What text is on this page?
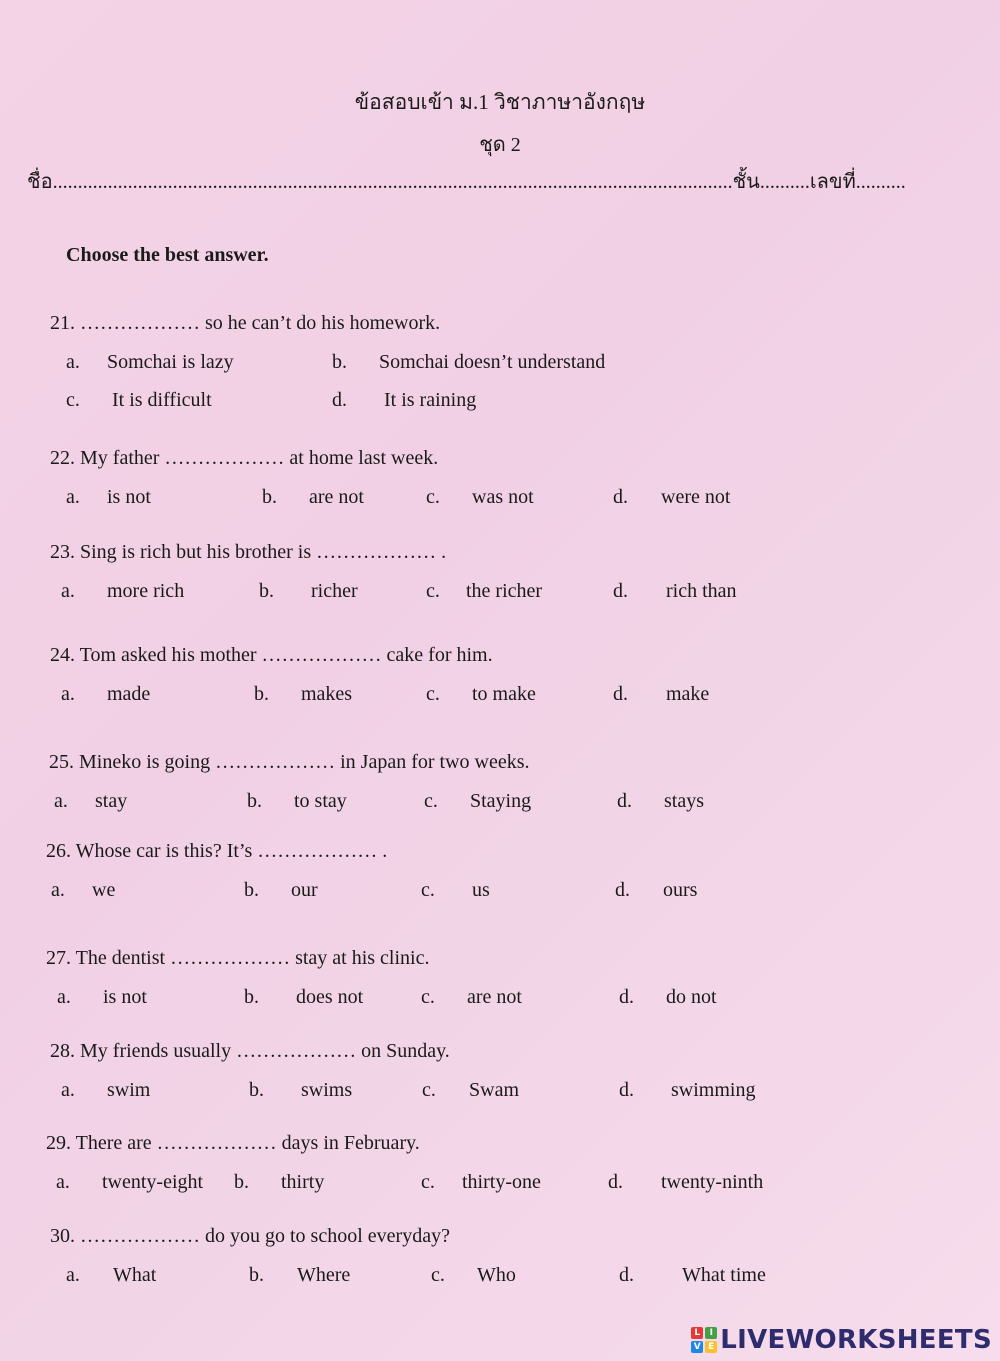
ข้อสอบเข้า ม.1 วิชาภาษาอังกฤษ
ชุด 2
ชื่อ........................................................................................................................................ชั้น..........เลขที่..........
Choose the best answer.
21. ……………… so he can’t do his homework.
a. Somchai is lazy	b. Somchai doesn’t understand
c. It is difficult	d. It is raining
22. My father ……………… at home last week.
a. is not	b. are not	c. was not	d. were not
23. Sing is rich but his brother is ……………… .
a. more rich	b. richer	c. the richer	d. rich than
24. Tom asked his mother ……………… cake for him.
a. made	b. makes	c. to make	d. make
25. Mineko is going ……………… in Japan for two weeks.
a. stay	b. to stay	c. Staying	d. stays
26. Whose car is this? It’s ……………… .
a. we	b. our	c. us	d. ours
27. The dentist ……………… stay at his clinic.
a. is not	b. does not	c. are not	d. do not
28. My friends usually ……………… on Sunday.
a. swim	b. swims	c. Swam	d. swimming
29. There are ……………… days in February.
a. twenty-eight b. thirty	c. thirty-one	d. twenty-ninth
30. ……………… do you go to school everyday?
a. What	b. Where	c. Who	d. What time
L	I
V E LIVEWORKSHEETS
